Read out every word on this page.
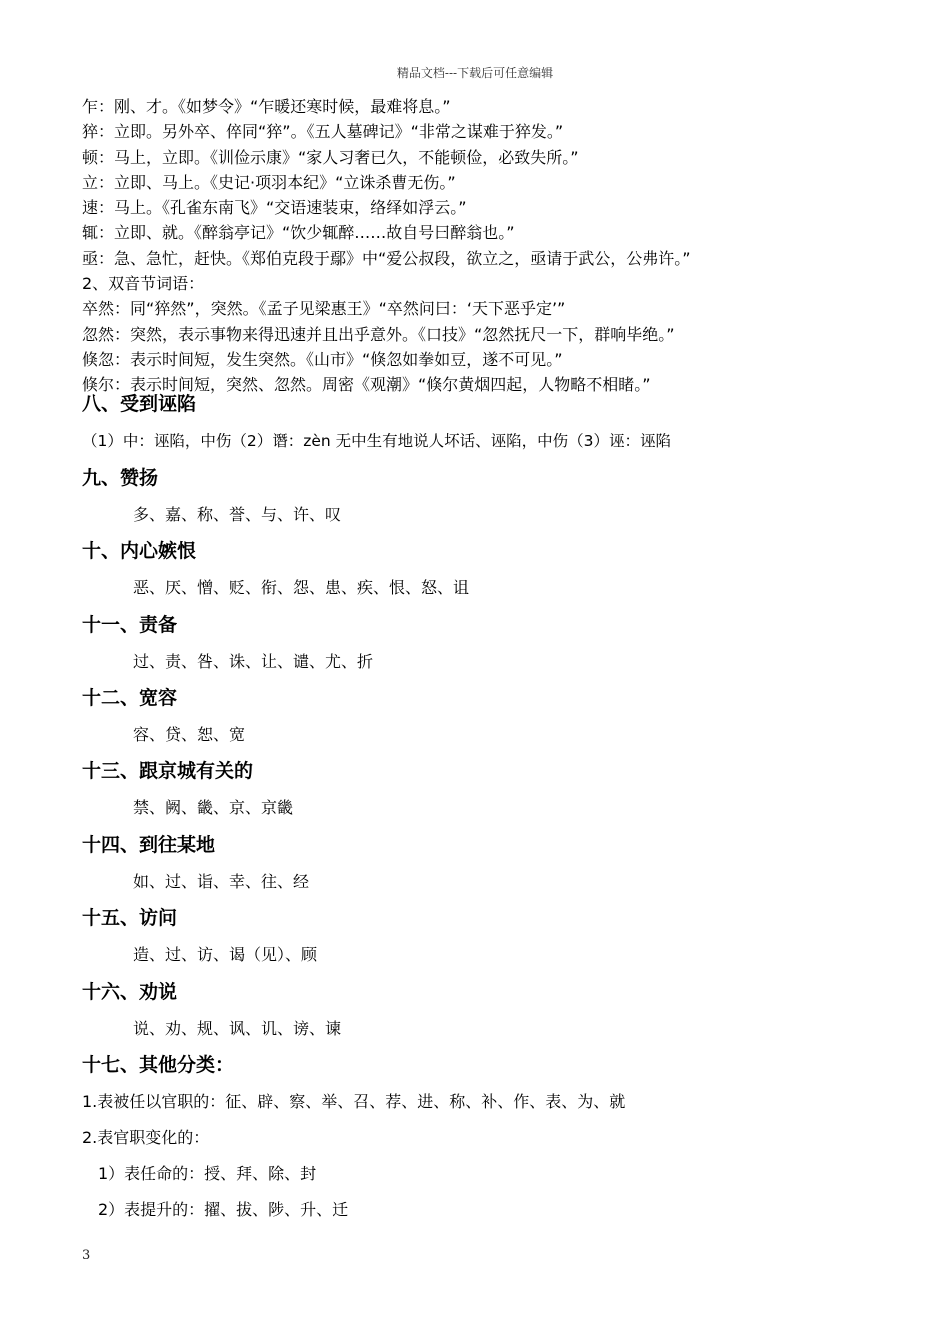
精品文档---下载后可任意编辑
乍：刚、才。《如梦令》“乍暖还寒时候，最难将息。”
猝：立即。另外卒、倅同“猝”。《五人墓碑记》“非常之谋难于猝发。”
顿：马上，立即。《训俭示康》“家人习奢已久，不能顿俭，必致失所。”
立：立即、马上。《史记·项羽本纪》“立诛杀曹无伤。”
速：马上。《孔雀东南飞》“交语速装束，络绎如浮云。”
辄：立即、就。《醉翁亭记》“饮少辄醉……故自号曰醉翁也。”
亟：急、急忙，赶快。《郑伯克段于鄢》中“爱公叔段，欲立之，亟请于武公，公弗许。”
2、双音节词语：
卒然：同“猝然”，突然。《孟子见梁惠王》“卒然问曰：‘天下恶乎定’”
忽然：突然，表示事物来得迅速并且出乎意外。《口技》“忽然抚尺一下，群响毕绝。”
倏忽：表示时间短，发生突然。《山市》“倏忽如拳如豆，遂不可见。”
倏尔：表示时间短，突然、忽然。周密《观潮》“倏尔黄烟四起，人物略不相睹。”
八、受到诬陷
（1）中：诬陷，中伤（2）谮：zèn 无中生有地说人坏话、诬陷，中伤（3）诬：诬陷
九、赞扬
多、嘉、称、誉、与、许、叹
十、内心嫉恨
恶、厌、憎、贬、衔、怨、患、疾、恨、怒、诅
十一、责备
过、责、咎、诛、让、谴、尤、折
十二、宽容
容、贷、恕、宽
十三、跟京城有关的
禁、阙、畿、京、京畿
十四、到往某地
如、过、诣、幸、往、经
十五、访问
造、过、访、谒（见）、顾
十六、劝说
说、劝、规、讽、讥、谤、谏
十七、其他分类：
1.表被任以官职的：征、辟、察、举、召、荐、进、称、补、作、表、为、就
2.表官职变化的：
1）表任命的：授、拜、除、封
2）表提升的：擢、拔、陟、升、迁
3
